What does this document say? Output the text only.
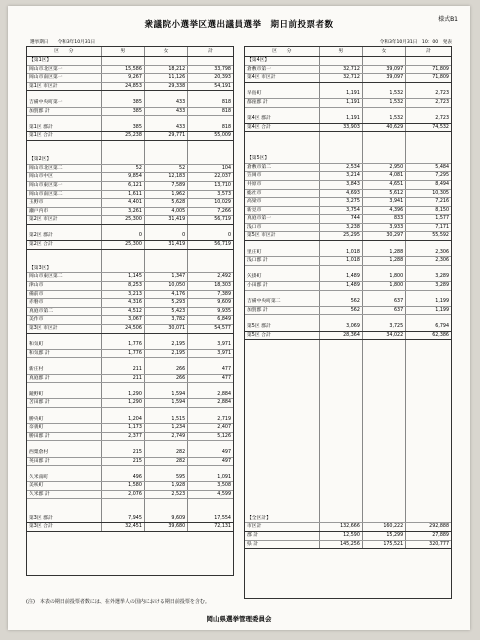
様式B1
衆議院小選挙区選出議員選挙　期日前投票者数
選挙期日　　令和3年10月31日	令和3年10月31日　10：00　発表
区　　分	男	女	計
【第1区】			
岡山市北区第一	15,586	18,212	33,798
岡山市南区第一	9,267	11,126	20,393
第1区 市区計	24,853	29,338	54,191

吉備中央町第一	385	433	818
加賀郡 計	385	433	818

第1区 郡計	385	433	818
第1区 合計	25,238	29,771	55,009

【第2区】			
岡山市北区第二	52	52	104
岡山市中区	9,854	12,183	22,037
岡山市東区第一	6,121	7,589	13,710
岡山市南区第二	1,611	1,962	3,573
玉野市	4,401	5,628	10,029
瀬戸内市	3,261	4,005	7,266
第2区 市区計	25,300	31,419	56,719

第2区 郡計	0	0	0
第2区 合計	25,300	31,419	56,719

【第3区】			
岡山市東区第二	1,145	1,347	2,492
津山市	8,253	10,050	18,303
備前市	3,213	4,176	7,389
赤磐市	4,316	5,293	9,609
真庭市第二	4,512	5,423	9,935
美作市	3,067	3,782	6,849
第3区 市区計	24,506	30,071	54,577

和気町	1,776	2,195	3,971
和気郡 計	1,776	2,195	3,971

新庄村	211	266	477
真庭郡 計	211	266	477

鏡野町	1,290	1,594	2,884
苫田郡 計	1,290	1,594	2,884

勝央町	1,204	1,515	2,719
奈義町	1,173	1,234	2,407
勝田郡 計	2,377	2,749	5,126

西粟倉村	215	282	497
英田郡 計	215	282	497

久米南町	496	595	1,091
美咲町	1,580	1,928	3,508
久米郡 計	2,076	2,523	4,599

第3区 郡計	7,945	9,609	17,554
第3区 合計	32,451	39,680	72,131
区　　分	男	女	計
【第4区】			
倉敷市第一	32,712	39,097	71,809
第4区 市区計	32,712	39,097	71,809

早島町	1,191	1,532	2,723
都窪郡 計	1,191	1,532	2,723

第4区 郡計	1,191	1,532	2,723
第4区 合計	33,903	40,629	74,532

【第5区】			
倉敷市第二	2,534	2,950	5,484
笠岡市	3,214	4,081	7,295
井原市	3,843	4,651	8,494
総社市	4,693	5,612	10,305
高梁市	3,275	3,941	7,216
新見市	3,754	4,396	8,150
真庭市第一	744	833	1,577
浅口市	3,238	3,933	7,171
第5区 市区計	25,295	30,297	55,592

里庄町	1,018	1,288	2,306
浅口郡 計	1,018	1,288	2,306

矢掛町	1,489	1,800	3,289
小田郡 計	1,489	1,800	3,289

吉備中央町第二	562	637	1,199
加賀郡 計	562	637	1,199

第5区 郡計	3,069	3,725	6,794
第5区 合計	28,364	34,022	62,386

【全区計】			
市区計	132,666	160,222	292,888
郡 計	12,590	15,299	27,889
県 計	145,256	175,521	320,777
(注)　本表の期日前投票者数には、在外選挙人の国内における期日前投票を含む。
岡山県選挙管理委員会
